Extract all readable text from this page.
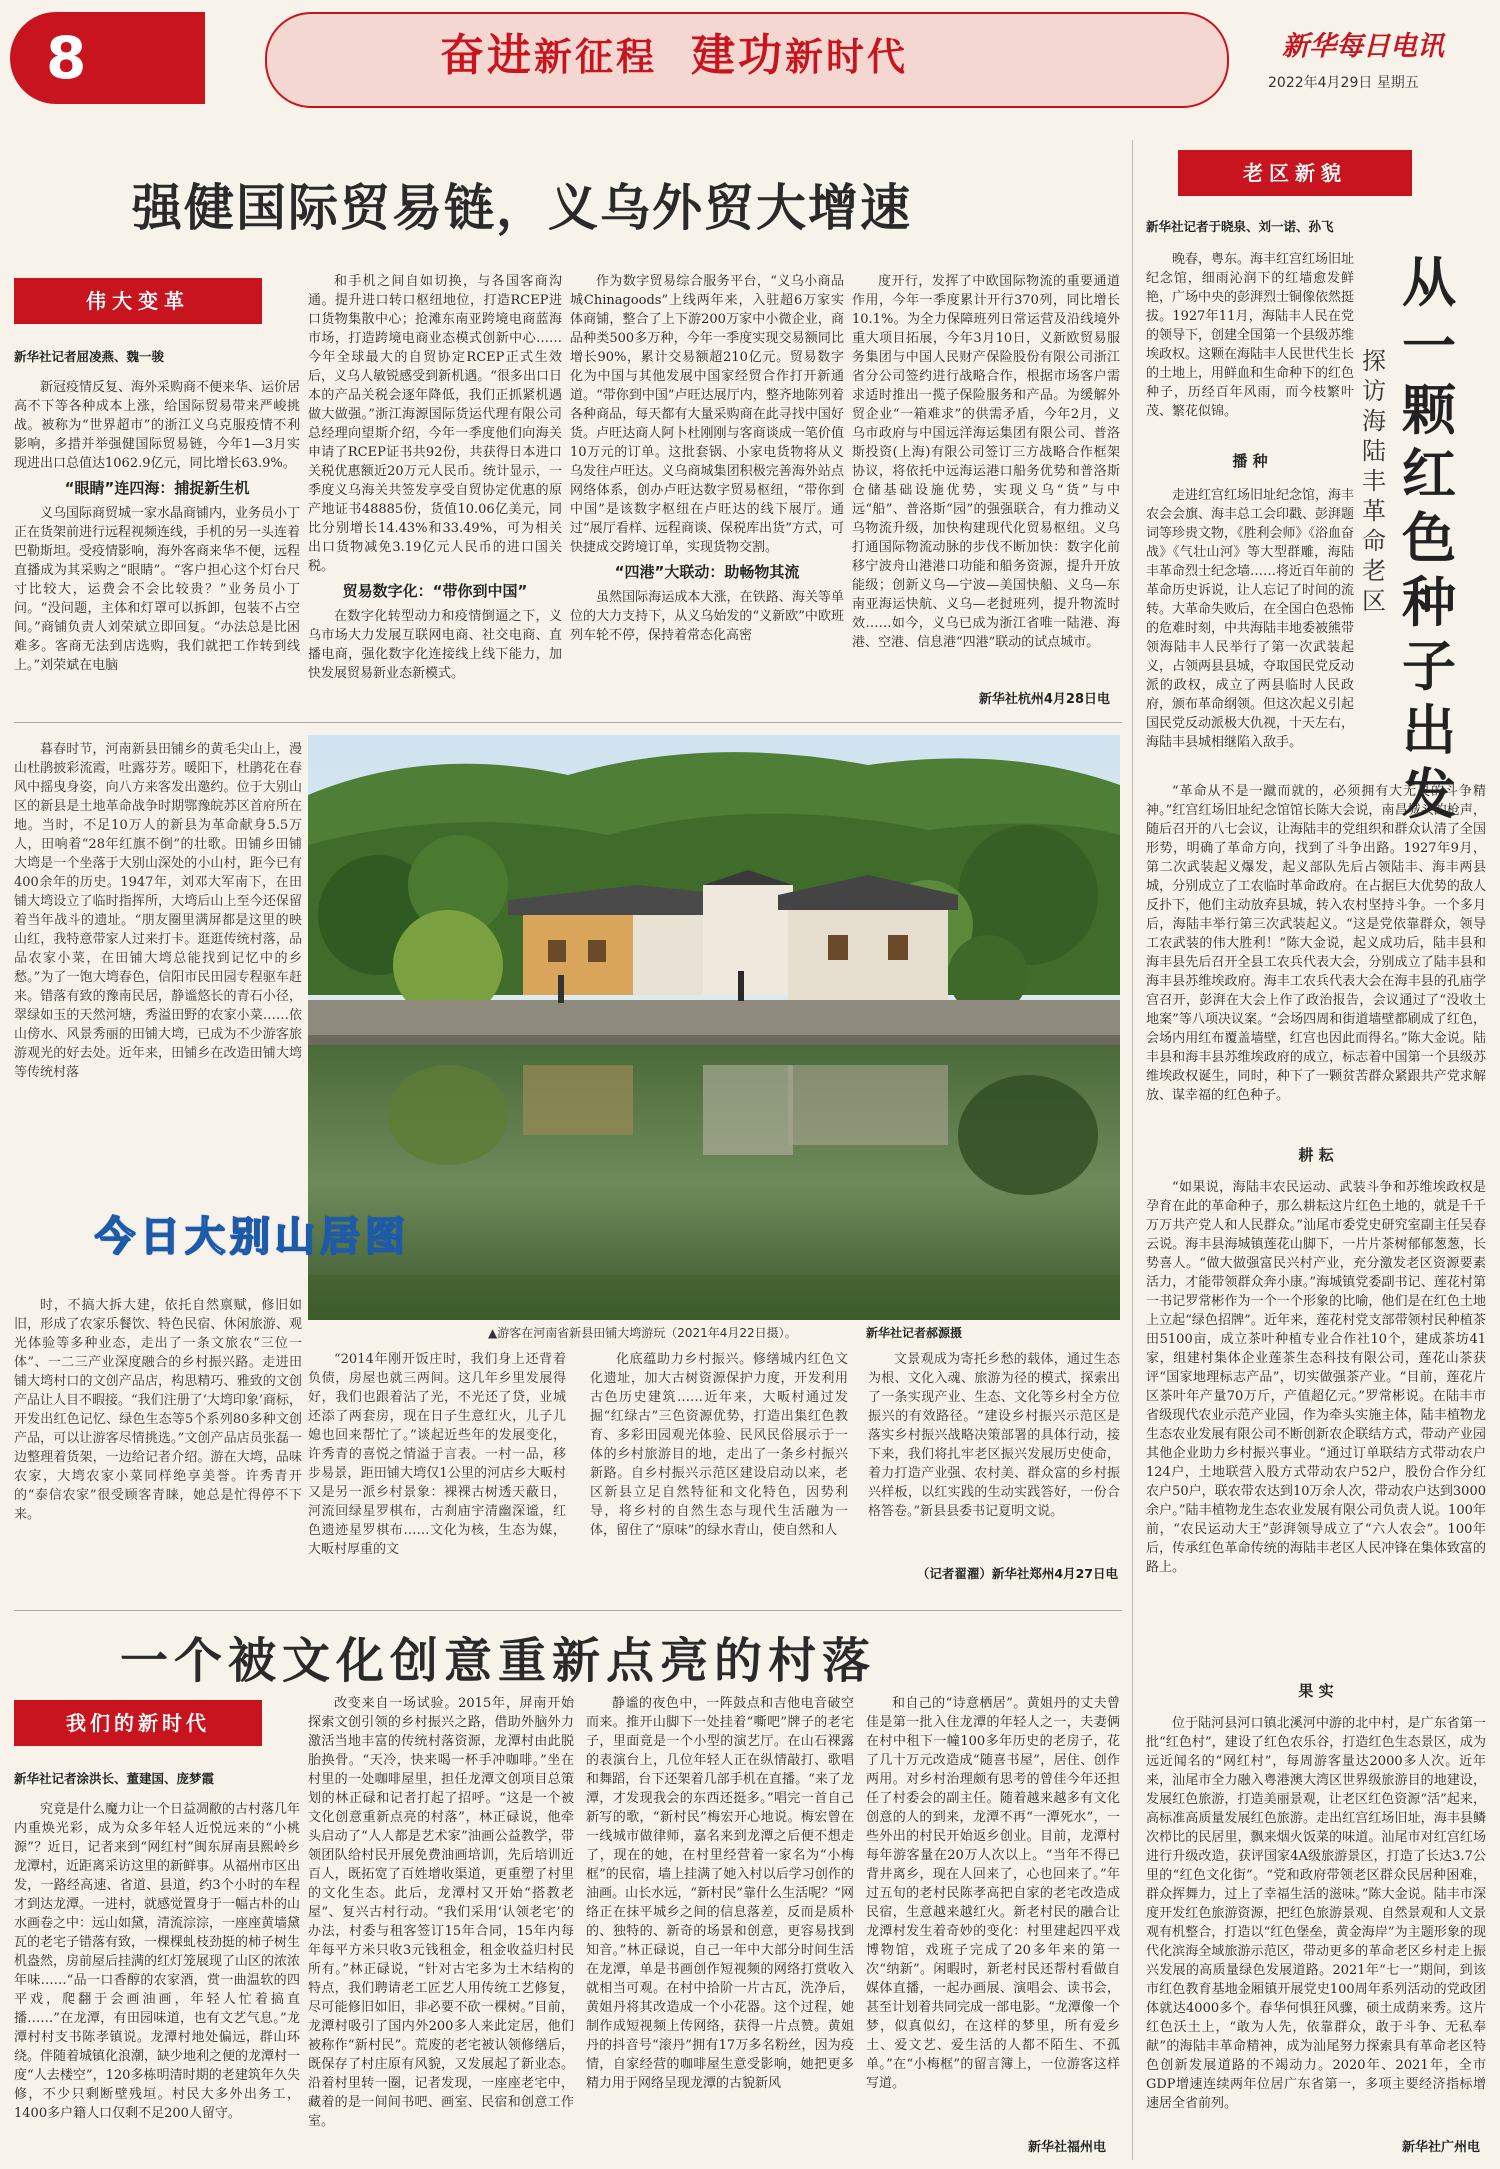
8	奋进新征程 建功新时代	新华每日电讯
2022年4月29日 星期五
强健国际贸易链，义乌外贸大增速
伟大变革
新华社记者屈凌燕、魏一骏

新冠疫情反复、海外采购商不便来华、运价居高不下等各种成本上涨，给国际贸易带来严峻挑战。被称为“世界超市”的浙江义乌克服疫情不利影响，多措并举强健国际贸易链，今年1—3月实现进出口总值达1062.9亿元，同比增长63.9%。

“眼睛”连四海：捕捉新生机

义乌国际商贸城一家水晶商铺内，业务员小丁正在货架前进行远程视频连线，手机的另一头连着巴勒斯坦。受疫情影响，海外客商来华不便，远程直播成为其采购之“眼睛”。“客户担心这个灯台尺寸比较大，运费会不会比较贵？”业务员小丁问。“没问题，主体和灯罩可以拆卸，包装不占空间。”商铺负责人刘荣斌立即回复。“办法总是比困难多。客商无法到店选购，我们就把工作转到线上。”刘荣斌在电脑

和手机之间自如切换，与各国客商沟通。提升进口转口枢纽地位，打造RCEP进口货物集散中心；抢滩东南亚跨境电商蓝海市场，打造跨境电商业态模式创新中心……今年全球最大的自贸协定RCEP正式生效后，义乌人敏锐感受到新机遇。“很多出口日本的产品关税会逐年降低，我们正抓紧机遇做大做强。”浙江海源国际货运代理有限公司总经理向望斯介绍，今年一季度他们向海关申请了RCEP证书共92份，共获得日本进口关税优惠额近20万元人民币。统计显示，一季度义乌海关共签发享受自贸协定优惠的原产地证书48885份，货值10.06亿美元，同比分别增长14.43%和33.49%，可为相关出口货物减免3.19亿元人民币的进口国关税。

贸易数字化：“带你到中国”

在数字化转型动力和疫情倒逼之下，义乌市场大力发展互联网电商、社交电商、直播电商，强化数字化连接线上线下能力，加快发展贸易新业态新模式。

作为数字贸易综合服务平台，“义乌小商品城Chinagoods”上线两年来，入驻超6万家实体商铺，整合了上下游200万家中小微企业，商品种类500多万种，今年一季度实现交易额同比增长90%，累计交易额超210亿元。贸易数字化为中国与其他发展中国家经贸合作打开新通道。“带你到中国”卢旺达展厅内，整齐地陈列着各种商品，每天都有大量采购商在此寻找中国好货。卢旺达商人阿卜杜刚刚与客商谈成一笔价值10万元的订单。这批套锅、小家电货物将从义乌发往卢旺达。义乌商城集团积极完善海外站点网络体系，创办卢旺达数字贸易枢纽，“带你到中国”是该数字枢纽在卢旺达的线下展厅。通过“展厅看样、远程商谈、保税库出货”方式，可快捷成交跨境订单，实现货物交割。

“四港”大联动：助畅物其流

虽然国际海运成本大涨，在铁路、海关等单位的大力支持下，从义乌始发的“义新欧”中欧班列车轮不停，保持着常态化高密

度开行，发挥了中欧国际物流的重要通道作用，今年一季度累计开行370列，同比增长10.1%。为全力保障班列日常运营及沿线境外重大项目拓展，今年3月10日，义新欧贸易服务集团与中国人民财产保险股份有限公司浙江省分公司签约进行战略合作，根据市场客户需求适时推出一揽子保险服务和产品。为缓解外贸企业“一箱难求”的供需矛盾，今年2月，义乌市政府与中国远洋海运集团有限公司、普洛斯投资(上海)有限公司签订三方战略合作框架协议，将依托中远海运港口船务优势和普洛斯仓储基础设施优势，实现义乌“货”与中远“船”、普洛斯“园”的强强联合，有力推动义乌物流升级，加快构建现代化贸易枢纽。义乌打通国际物流动脉的步伐不断加快：数字化前移宁波舟山港港口功能和船务资源，提升开放能级；创新义乌—宁波—美国快船、义乌—东南亚海运快航、义乌—老挝班列，提升物流时效……如今，义乌已成为浙江省唯一陆港、海港、空港、信息港“四港”联动的试点城市。

新华社杭州4月28日电

暮春时节，河南新县田铺乡的黄毛尖山上，漫山杜鹃披彩流霞，吐露芬芳。暖阳下，杜鹃花在春风中摇曳身姿，向八方来客发出邀约。位于大别山区的新县是土地革命战争时期鄂豫皖苏区首府所在地。当时，不足10万人的新县为革命献身5.5万人，田响着“28年红旗不倒”的壮歌。田铺乡田铺大塆是一个坐落于大别山深处的小山村，距今已有400余年的历史。1947年，刘邓大军南下，在田铺大塆设立了临时指挥所，大塆后山上至今还保留着当年战斗的遗址。“朋友圈里满屏都是这里的映山红，我特意带家人过来打卡。逛逛传统村落，品品农家小菜，在田铺大塆总能找到记忆中的乡愁。”为了一饱大塆春色，信阳市民田园专程驱车赶来。错落有致的豫南民居，静谧悠长的青石小径，翠绿如玉的天然河塘，秀溢田野的农家小菜……依山傍水、风景秀丽的田铺大塆，已成为不少游客旅游观光的好去处。近年来，田铺乡在改造田铺大塆等传统村落

今日大别山居图
▲游客在河南省新县田铺大塆游玩（2021年4月22日摄）。	新华社记者郝源摄

时，不搞大拆大建，依托自然禀赋，修旧如旧，形成了农家乐餐饮、特色民宿、休闲旅游、观光体验等多种业态，走出了一条文旅农“三位一体”、一二三产业深度融合的乡村振兴路。走进田铺大塆村口的文创产品店，构思精巧、雅致的文创产品让人目不暇接。“我们注册了‘大塆印象’商标，开发出红色记忆、绿色生态等5个系列80多种文创产品，可以让游客尽情挑选。”文创产品店员张磊一边整理着货架，一边给记者介绍。游在大塆，品味农家，大塆农家小菜同样绝享美誉。许秀青开的“泰信农家”很受顾客青睐，她总是忙得停不下来。

“2014年刚开饭庄时，我们身上还背着负债，房屋也就三两间。这几年乡里发展得好，我们也跟着沾了光，不光还了贷，业城还添了两套房，现在日子生意红火，儿子儿媳也回来帮忙了。”谈起近些年的发展变化，许秀青的喜悦之情溢于言表。一村一品，移步易景，距田铺大塆仅1公里的河店乡大畈村又是另一派乡村景象：裸裸古树透天蔽日，河流回绿星罗棋布，古刹庙宇清幽深谧，红色遗迹星罗棋布……文化为核，生态为媒，大畈村厚重的文

化底蕴助力乡村振兴。修缮城内红色文化遗址，加大古树资源保护力度，开发利用古色历史建筑……近年来，大畈村通过发掘“红绿古”三色资源优势，打造出集红色教育、多彩田园观光体验、民风民俗展示于一体的乡村旅游目的地，走出了一条乡村振兴新路。自乡村振兴示范区建设启动以来，老区新县立足自然特征和文化特色，因势利导，将乡村的自然生态与现代生活融为一体，留住了“原味”的绿水青山，使自然和人

文景观成为寄托乡愁的载体，通过生态为根、文化入魂、旅游为径的模式，探索出了一条实现产业、生态、文化等乡村全方位振兴的有效路径。“建设乡村振兴示范区是落实乡村振兴战略决策部署的具体行动，接下来，我们将扎牢老区振兴发展历史使命，着力打造产业强、农村美、群众富的乡村振兴样板，以红实践的生动实践答好，一份合格答卷。”新县县委书记夏明文说。

（记者翟濯）新华社郑州4月27日电
一个被文化创意重新点亮的村落
我们的新时代
新华社记者涂洪长、董建国、庞梦霞

究竟是什么魔力让一个日益凋敝的古村落几年内重焕光彩，成为众多年轻人近悦远来的“小桃源”？近日，记者来到“网红村”闽东屏南县熙岭乡龙潭村，近距离采访这里的新鲜事。从福州市区出发，一路经高速、省道、县道，约3个小时的车程才到达龙潭。一进村，就感觉置身于一幅古朴的山水画卷之中：远山如黛，清流淙淙，一座座黄墙黛瓦的老宅子错落有致，一棵棵虬枝劲挺的柿子树生机盎然，房前屋后挂满的红灯笼展现了山区的浓浓年味……“品一口香醇的农家酒，赏一曲温软的四平戏，爬翻于会画油画，年轻人忙着搞直播……”在龙潭，有田园味道，也有文艺气息。”龙潭村村支书陈孝镇说。龙潭村地处偏远，群山环绕。伴随着城镇化浪潮，缺少地利之便的龙潭村一度“人去楼空”，120多栋明清时期的老建筑年久失修，不少只剩断壁残垣。村民大多外出务工，1400多户籍人口仅剩不足200人留守。

改变来自一场试验。2015年，屏南开始探索文创引领的乡村振兴之路，借助外脑外力激活当地丰富的传统村落资源，龙潭村由此脱胎换骨。“天冷，快来喝一杯手冲咖啡。”坐在村里的一处咖啡屋里，担任龙潭文创项目总策划的林正碌和记者打起了招呼。“这是一个被文化创意重新点亮的村落”，林正碌说，他牵头启动了“人人都是艺术家”油画公益教学，带领团队给村民开展免费油画培训，先后培训近百人，既拓宽了百姓增收渠道，更重塑了村里的文化生态。此后，龙潭村又开始“搭教老屋”、复兴古村行动。“我们采用‘认领老宅’的办法，村委与租客签订15年合同，15年内每年每平方米只收3元钱租金，租金收益归村民所有。”林正碌说，“针对古宅多为土木结构的特点，我们聘请老工匠艺人用传统工艺修复，尽可能修旧如旧，非必要不砍一棵树。”目前，龙潭村吸引了国内外200多人来此定居，他们被称作“新村民”。荒废的老宅被认领修缮后，既保存了村庄原有风貌，又发展起了新业态。沿着村里转一圈，记者发现，一座座老宅中，藏着的是一间间书吧、画室、民宿和创意工作室。

静谧的夜色中，一阵鼓点和吉他电音破空而来。推开山脚下一处挂着“嘶吧”牌子的老宅子，里面竟是一个小型的演艺厅。在山石裸露的表演台上，几位年轻人正在纵情敲打、歌唱和舞蹈，台下还架着几部手机在直播。“来了龙潭，才发现我会的东西还挺多。”唱完一首自己新写的歌，“新村民”梅宏开心地说。梅宏曾在一线城市做律师，嘉名来到龙潭之后便不想走了，现在的她，在村里经营着一家名为“小梅框”的民宿，墙上挂满了她入村以后学习创作的油画。山长水远，“新村民”靠什么生活呢？“网络正在抹平城乡之间的信息落差，反而是质朴的、独特的、新奇的场景和创意，更容易找到知音。”林正碌说，自己一年中大部分时间生活在龙潭，单是书画创作短视频的网络打赏收入就相当可观。在村中拾阶一片古瓦，洗净后，黄姐丹将其改造成一个小花器。这个过程，她制作成短视频上传网络，获得一片点赞。黄姐丹的抖音号“滚丹”拥有17万多名粉丝，因为疫情，自家经营的咖啡屋生意受影响，她把更多精力用于网络呈现龙潭的古貌新风

和自己的“诗意栖居”。黄姐丹的丈夫曾佳是第一批入住龙潭的年轻人之一，夫妻俩在村中租下一幢100多年历史的老房子，花了几十万元改造成“随喜书屋”，居住、创作两用。对乡村治理颇有思考的曾佳今年还担任了村委会的副主任。随着越来越多有文化创意的人的到来，龙潭不再“一潭死水”，一些外出的村民开始返乡创业。目前，龙潭村每年游客量在20万人次以上。“当年不得已背井离乡，现在人回来了，心也回来了。”年过五旬的老村民陈孝高把自家的老宅改造成民宿，生意越来越红火。新老村民的融合让龙潭村发生着奇妙的变化：村里建起四平戏博物馆，戏班子完成了20多年来的第一次“纳新”。闲暇时，新老村民还帮村看做自媒体直播，一起办画展、演唱会、读书会，甚至计划着共同完成一部电影。“龙潭像一个梦，似真似幻，在这样的梦里，所有爱乡土、爱文艺、爱生活的人都不陌生、不孤单。”在“小梅框”的留言簿上，一位游客这样写道。

新华社福州电
老区新貌
新华社记者于晓泉、刘一诺、孙飞
从一颗红色种子出发
探访海陆丰革命老区

晚春，粤东。海丰红宫红场旧址纪念馆，细雨沁润下的红墙愈发鲜艳，广场中央的彭湃烈士铜像依然挺拔。1927年11月，海陆丰人民在党的领导下，创建全国第一个县级苏维埃政权。这颗在海陆丰人民世代生长的土地上，用鲜血和生命种下的红色种子，历经百年风雨，而今枝繁叶茂、繁花似锦。

播 种

走进红宫红场旧址纪念馆，海丰农会会旗、海丰总工会印戳、彭湃题词等珍贵文物，《胜利会师》《浴血奋战》《气壮山河》等大型群雕，海陆丰革命烈士纪念墙……将近百年前的革命历史诉说，让人忘记了时间的流转。大革命失败后，在全国白色恐怖的危难时刻，中共海陆丰地委被熊带领海陆丰人民举行了第一次武装起义，占领两县县城，夺取国民党反动派的政权，成立了两县临时人民政府，颁布革命纲领。但这次起义引起国民党反动派极大仇视，十天左右，海陆丰县城相继陷入敌手。

“革命从不是一蹴而就的，必须拥有大无畏的斗争精神。”红宫红场旧址纪念馆馆长陈大会说，南昌城头的枪声，随后召开的八七会议，让海陆丰的党组织和群众认清了全国形势，明确了革命方向，找到了斗争出路。1927年9月，第二次武装起义爆发，起义部队先后占领陆丰、海丰两县城，分别成立了工农临时革命政府。在占据巨大优势的敌人反扑下，他们主动放弃县城，转入农村坚持斗争。一个多月后，海陆丰举行第三次武装起义。“这是党依靠群众，领导工农武装的伟大胜利！”陈大金说，起义成功后，陆丰县和海丰县先后召开全县工农兵代表大会，分别成立了陆丰县和海丰县苏维埃政府。海丰工农兵代表大会在海丰县的孔庙学宫召开，彭湃在大会上作了政治报告，会议通过了“没收土地案”等八项决议案。“会场四周和街道墙壁都刷成了红色，会场内用红布覆盖墙壁，红宫也因此而得名。”陈大金说。陆丰县和海丰县苏维埃政府的成立，标志着中国第一个县级苏维埃政权诞生，同时，种下了一颗贫苦群众紧跟共产党求解放、谋幸福的红色种子。

耕 耘

“如果说，海陆丰农民运动、武装斗争和苏维埃政权是孕育在此的革命种子，那么耕耘这片红色土地的，就是千千万万共产党人和人民群众。”汕尾市委党史研究室副主任吴春云说。海丰县海城镇莲花山脚下，一片片茶树郁郁葱葱，长势喜人。“做大做强富民兴村产业，充分激发老区资源要素活力，才能带领群众奔小康。”海城镇党委副书记、莲花村第一书记罗常彬作为一个一个形象的比喻，他们是在红色土地上立起“绿色招牌”。近年来，莲花村党支部带领村民种植茶田5100亩，成立茶叶种植专业合作社10个，建成茶坊41家，组建村集体企业莲茶生态科技有限公司，莲花山茶获评“国家地理标志产品”，切实做强茶产业。“目前，莲花片区茶叶年产量70万斤，产值超亿元。”罗常彬说。在陆丰市省级现代农业示范产业园，作为牵头实施主体，陆丰植物龙生态农业发展有限公司不断创新农企联结方式，带动产业园其他企业助力乡村振兴事业。“通过订单联结方式带动农户124户，土地联营入股方式带动农户52户，股份合作分红农户50户，联农带农达到10万余人次，带动农户达到3000余户。”陆丰植物龙生态农业发展有限公司负责人说。100年前，“农民运动大王”彭湃领导成立了“六人农会”。100年后，传承红色革命传统的海陆丰老区人民冲锋在集体致富的路上。

果 实

位于陆河县河口镇北溪河中游的北中村，是广东省第一批“红色村”，建设了红色农乐谷，打造红色生态景区，成为远近闻名的“网红村”，每周游客量达2000多人次。近年来，汕尾市全力融入粤港澳大湾区世界级旅游目的地建设，发展红色旅游，打造美丽景观，让老区红色资源“活”起来，高标准高质量发展红色旅游。走出红宫红场旧址，海丰县鳞次栉比的民居里，飘来烟火饭菜的味道。汕尾市对红宫红场进行升级改造，获评国家4A级旅游景区，打造了长达3.7公里的“红色文化街”。“党和政府带领老区群众民居种困难，群众挥舞力，过上了幸福生活的滋味。”陈大金说。陆丰市深度开发红色旅游资源，把红色旅游景观、自然景观和人文景观有机整合，打造以“红色堡垒，黄金海岸”为主题形象的现代化滨海全域旅游示范区，带动更多的革命老区乡村走上振兴发展的高质量绿色发展道路。2021年“七一”期间，到该市红色教育基地金厢镇开展党史100周年系列活动的党政团体就达4000多个。春华何惧狂风骤，硕土成荫来秀。这片红色沃土上，“敢为人先，依靠群众，敢于斗争、无私奉献”的海陆丰革命精神，成为汕尾努力探索具有革命老区特色创新发展道路的不竭动力。2020年、2021年，全市GDP增速连续两年位居广东省第一，多项主要经济指标增速居全省前列。

新华社广州电
